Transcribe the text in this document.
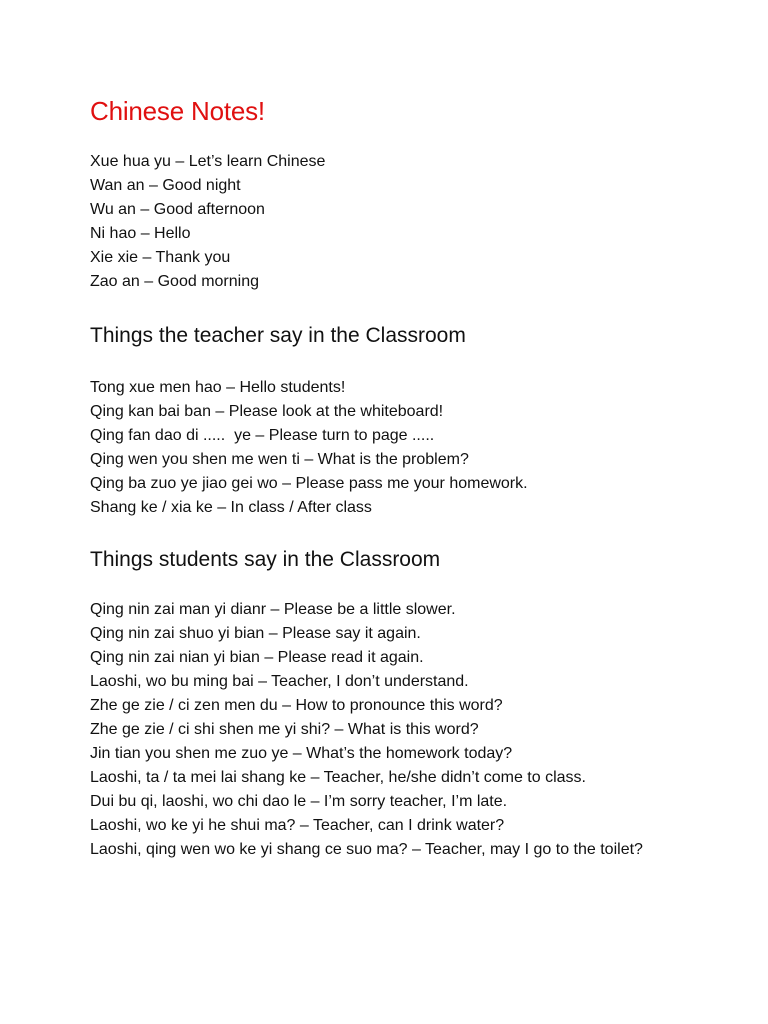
Chinese Notes!

Xue hua yu – Let’s learn Chinese

Wan an – Good night

Wu an – Good afternoon

Ni hao – Hello

Xie xie – Thank you

Zao an – Good morning

Things the teacher say in the Classroom

Tong xue men hao – Hello students!

Qing kan bai ban – Please look at the whiteboard!

Qing fan dao di .....  ye – Please turn to page .....

Qing wen you shen me wen ti – What is the problem?

Qing ba zuo ye jiao gei wo – Please pass me your homework.

Shang ke / xia ke – In class / After class

Things students say in the Classroom

Qing nin zai man yi dianr – Please be a little slower.

Qing nin zai shuo yi bian – Please say it again.

Qing nin zai nian yi bian – Please read it again.

Laoshi, wo bu ming bai – Teacher, I don’t understand.

Zhe ge zie / ci zen men du – How to pronounce this word?

Zhe ge zie / ci shi shen me yi shi? – What is this word?

Jin tian you shen me zuo ye – What’s the homework today?

Laoshi, ta / ta mei lai shang ke – Teacher, he/she didn’t come to class.

Dui bu qi, laoshi, wo chi dao le – I’m sorry teacher, I’m late.

Laoshi, wo ke yi he shui ma? – Teacher, can I drink water?

Laoshi, qing wen wo ke yi shang ce suo ma? – Teacher, may I go to the toilet?
